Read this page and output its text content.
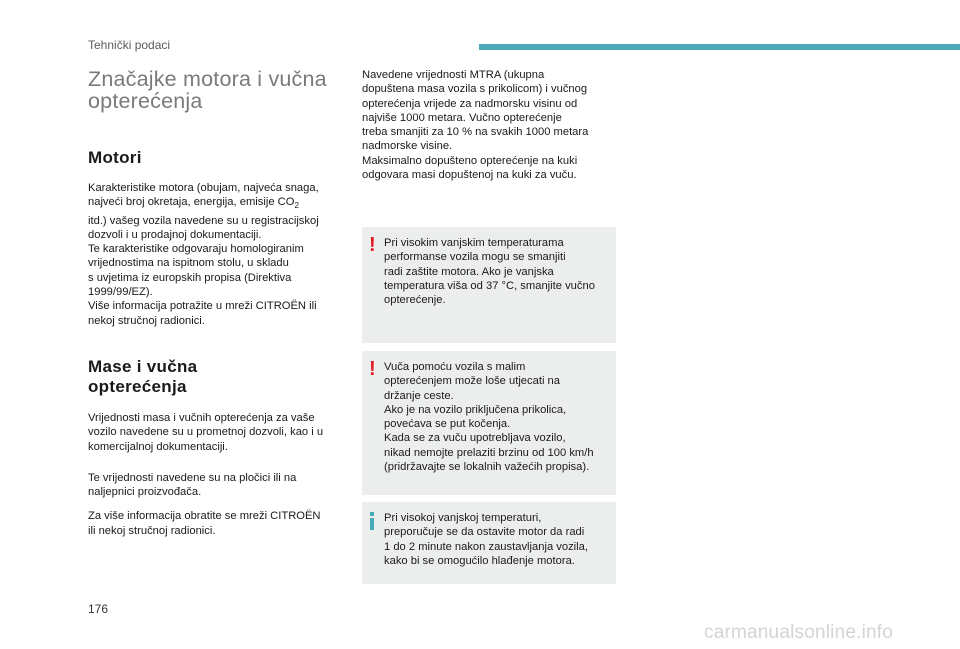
Tehnički podaci
Značajke motora i vučna
opterećenja
Motori

Karakteristike motora (obujam, najveća snaga,
najveći broj okretaja, energija, emisije $CO_2$
itd.) vašeg vozila navedene su u registracijskoj
dozvoli i u prodajnoj dokumentaciji.
Te karakteristike odgovaraju homologiranim
vrijednostima na ispitnom stolu, u skladu
s uvjetima iz europskih propisa (Direktiva
1999/99/EZ).
Više informacija potražite u mreži CITROËN ili
nekoj stručnoj radionici.

Mase i vučna
opterećenja

Vrijednosti masa i vučnih opterećenja za vaše
vozilo navedene su u prometnoj dozvoli, kao i u
komercijalnoj dokumentaciji.

Te vrijednosti navedene su na pločici ili na
naljepnici proizvođača.

Za više informacija obratite se mreži CITROËN
ili nekoj stručnoj radionici.

Navedene vrijednosti MTRA (ukupna
dopuštena masa vozila s prikolicom) i vučnog
opterećenja vrijede za nadmorsku visinu od
najviše 1000 metara. Vučno opterećenje
treba smanjiti za 10 % na svakih 1000 metara
nadmorske visine.
Maksimalno dopušteno opterećenje na kuki
odgovara masi dopuštenoj na kuki za vuču.

! Pri visokim vanjskim temperaturama
performanse vozila mogu se smanjiti
radi zaštite motora. Ako je vanjska
temperatura viša od 37 °C, smanjite vučno
opterećenje.
! Vuča pomoću vozila s malim
opterećenjem može loše utjecati na
držanje ceste.
Ako je na vozilo priključena prikolica,
povećava se put kočenja.
Kada se za vuču upotrebljava vozilo,
nikad nemojte prelaziti brzinu od 100 km/h
(pridržavajte se lokalnih važećih propisa).
Pri visokoj vanjskoj temperaturi,
preporučuje se da ostavite motor da radi
1 do 2 minute nakon zaustavljanja vozila,
kako bi se omogućilo hlađenje motora.
176
carmanualsonline.info
